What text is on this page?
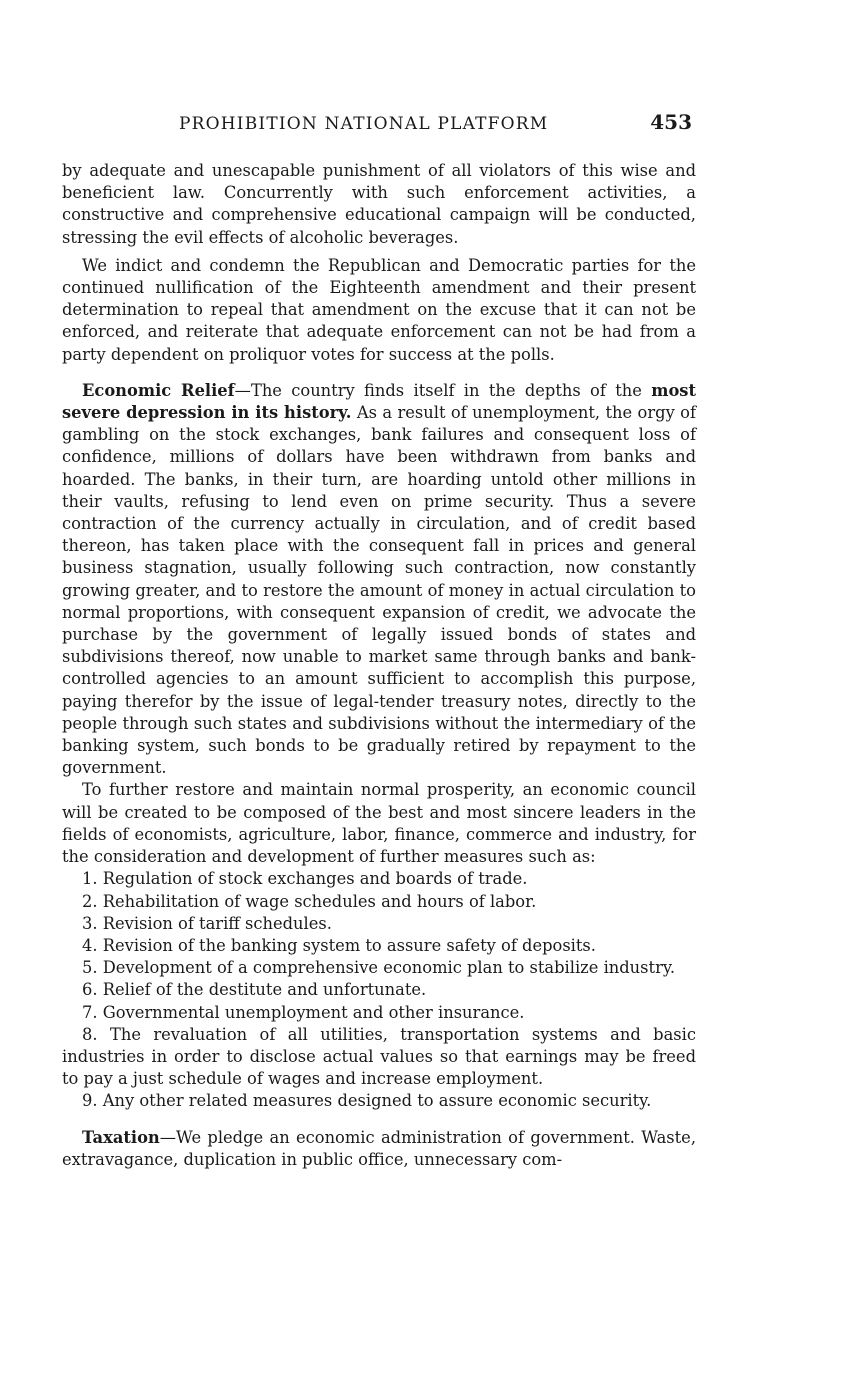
PROHIBITION NATIONAL PLATFORM	453

by adequate and unescapable punishment of all violators of this wise and beneficient law. Concurrently with such enforcement activities, a constructive and comprehensive educational campaign will be conducted, stressing the evil effects of alcoholic beverages.

We indict and condemn the Republican and Democratic parties for the continued nullification of the Eighteenth amendment and their present determination to repeal that amendment on the excuse that it can not be enforced, and reiterate that adequate enforcement can not be had from a party dependent on proliquor votes for success at the polls.

Economic Relief—The country finds itself in the depths of the most severe depression in its history. As a result of unemployment, the orgy of gambling on the stock exchanges, bank failures and consequent loss of confidence, millions of dollars have been withdrawn from banks and hoarded. The banks, in their turn, are hoarding untold other millions in their vaults, refusing to lend even on prime security. Thus a severe contraction of the currency actually in circulation, and of credit based thereon, has taken place with the consequent fall in prices and general business stagnation, usually following such contraction, now constantly growing greater, and to restore the amount of money in actual circulation to normal proportions, with consequent expansion of credit, we advocate the purchase by the government of legally issued bonds of states and subdivisions thereof, now unable to market same through banks and bank-controlled agencies to an amount sufficient to accomplish this purpose, paying therefor by the issue of legal-tender treasury notes, directly to the people through such states and subdivisions without the intermediary of the banking system, such bonds to be gradually retired by repayment to the government.

To further restore and maintain normal prosperity, an economic council will be created to be composed of the best and most sincere leaders in the fields of economists, agriculture, labor, finance, commerce and industry, for the consideration and development of further measures such as:

1. Regulation of stock exchanges and boards of trade.
2. Rehabilitation of wage schedules and hours of labor.
3. Revision of tariff schedules.
4. Revision of the banking system to assure safety of deposits.
5. Development of a comprehensive economic plan to stabilize industry.
6. Relief of the destitute and unfortunate.
7. Governmental unemployment and other insurance.
8. The revaluation of all utilities, transportation systems and basic industries in order to disclose actual values so that earnings may be freed to pay a just schedule of wages and increase employment.
9. Any other related measures designed to assure economic security.

Taxation—We pledge an economic administration of government. Waste, extravagance, duplication in public office, unnecessary com-
